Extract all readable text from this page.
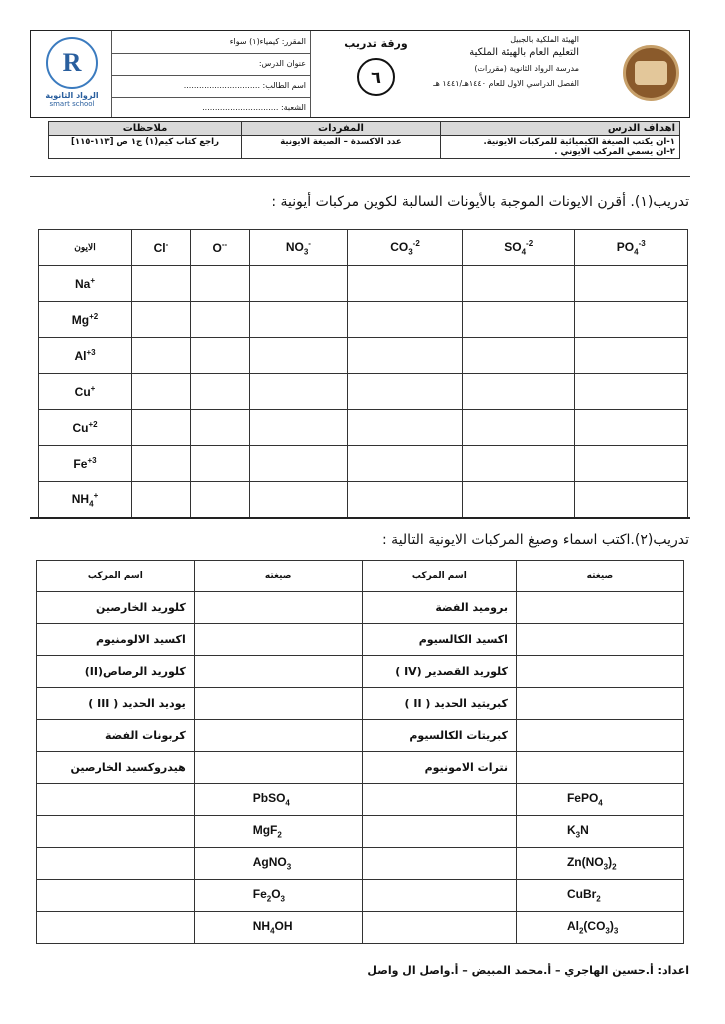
الهيئة الملكية بالجبيل
التعليم العام بالهيئة الملكية
مدرسة الرواد الثانوية (مقررات)
الفصل الدراسي الاول للعام ١٤٤٠هـ/١٤٤١ هـ
ورقة تدريب
٦
المقرر: كيمياء(١) سواء
عنوان الدرس:
اسم الطالب: ..............................
الشعبة: ..............................
R
الرواد الثانوية
smart school
اهداف الدرس	المفردات	ملاحظات

١-ان يكتب الصيغة الكيميائية للمركبات الايونية.
٢-ان يسمي المركب الايوني .	عدد الاكسدة – الصيغة الايونية	راجع كتاب كيم(١) ج١ ص [١١٣-١١٥]
تدريب(١). أقرن الايونات الموجبة بالأيونات السالبة لكوين مركبات أيونية :
الايون	Cl-	O--	$NO_3^-$	$CO_3^{-2}$	$SO_4^{-2}$	$PO_4^{-3}$
Na+						
$Mg^{+2}$						
$Al^{+3}$						
Cu+						
$Cu^{+2}$						
$Fe^{+3}$						
$NH_4^+$						
تدريب(٢).اكتب اسماء وصيغ المركبات الايونية التالية :
اسم المركب	صيغته	اسم المركب	صيغته
كلوريد الخارصين		بروميد الفضة	
اكسيد الالومنيوم		اكسيد الكالسيوم	
كلوريد الرصاص(II)		كلوريد القصدير (IV )	
يوديد الحديد ( III )		كبريتيد الحديد ( II )	
كربونات الفضة		كبريتات الكالسيوم	
هيدروكسيد الخارصين		نترات الامونيوم	
	PbSO$_4$		FePO$_4$
	MgF$_2$		$K_3N$
	AgNO$_3$		$Zn(NO_3)_2$
	$Fe_2O_3$		CuBr$_2$
	$NH_4OH$		$Al_2(CO_3)_3$
اعداد: أ.حسين الهاجري – أ.محمد المبيض – أ.واصل ال واصل
